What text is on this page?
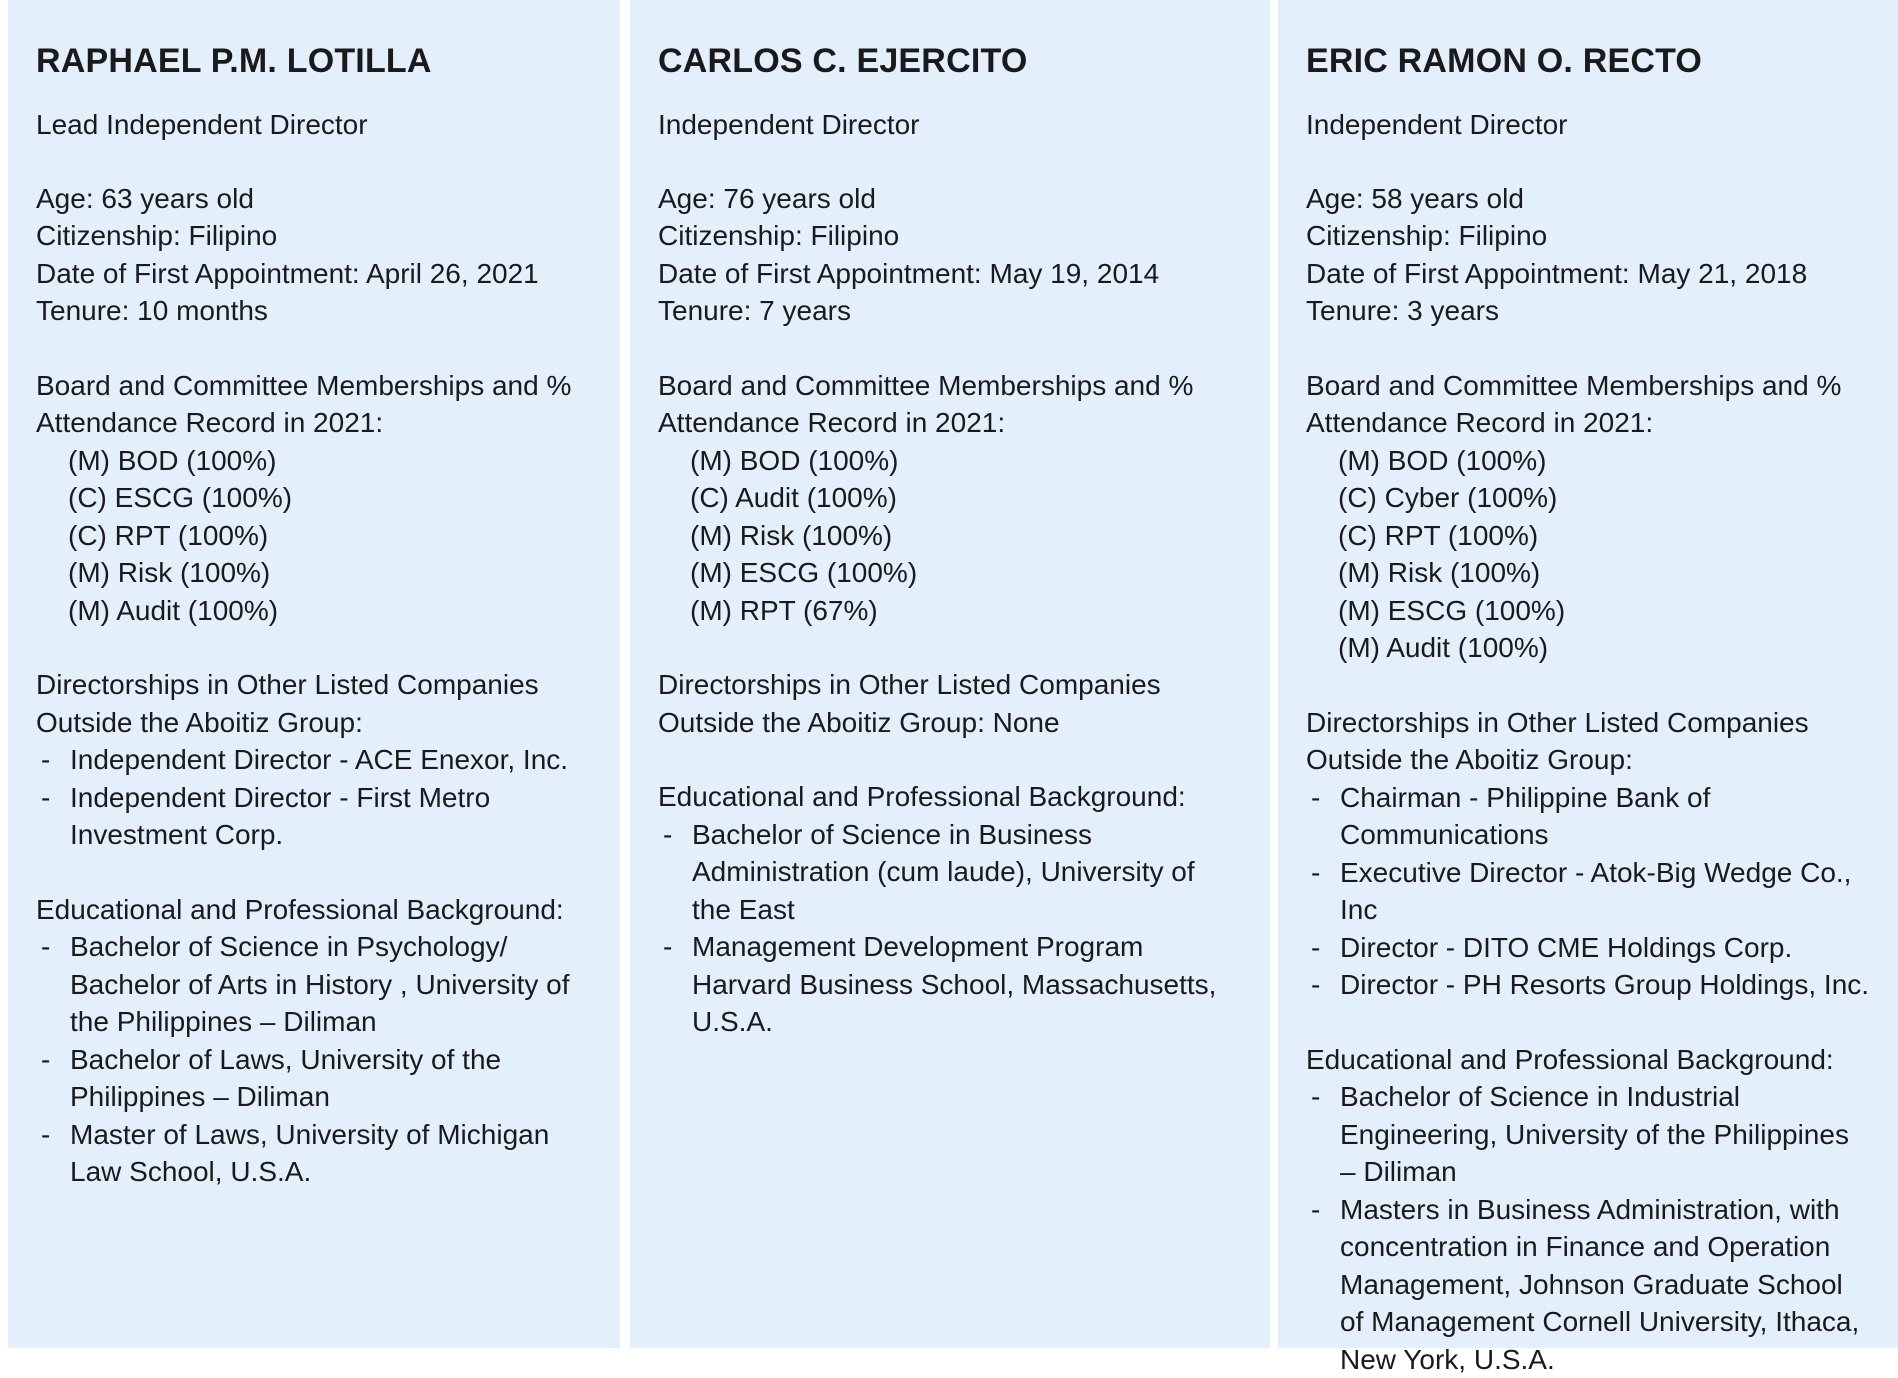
RAPHAEL P.M. LOTILLA
Lead Independent Director
Age: 63 years old
Citizenship: Filipino
Date of First Appointment: April 26, 2021
Tenure: 10 months
Board and Committee Memberships and %
Attendance Record in 2021:
(M) BOD (100%)
(C) ESCG (100%)
(C) RPT (100%)
(M) Risk (100%)
(M) Audit (100%)
Directorships in Other Listed Companies
Outside the Aboitiz Group:
- Independent Director - ACE Enexor, Inc.
- Independent Director - First Metro
Investment Corp.
Educational and Professional Background:
- Bachelor of Science in Psychology/
Bachelor of Arts in History , University of
the Philippines – Diliman
- Bachelor of Laws, University of the
Philippines – Diliman
- Master of Laws, University of Michigan
Law School, U.S.A.
CARLOS C. EJERCITO
Independent Director
Age: 76 years old
Citizenship: Filipino
Date of First Appointment: May 19, 2014
Tenure: 7 years
Board and Committee Memberships and %
Attendance Record in 2021:
(M) BOD (100%)
(C) Audit (100%)
(M) Risk (100%)
(M) ESCG (100%)
(M) RPT (67%)
Directorships in Other Listed Companies
Outside the Aboitiz Group: None
Educational and Professional Background:
- Bachelor of Science in Business
Administration (cum laude), University of
the East
- Management Development Program
Harvard Business School, Massachusetts,
U.S.A.
ERIC RAMON O. RECTO
Independent Director
Age: 58 years old
Citizenship: Filipino
Date of First Appointment: May 21, 2018
Tenure: 3 years
Board and Committee Memberships and %
Attendance Record in 2021:
(M) BOD (100%)
(C) Cyber (100%)
(C) RPT (100%)
(M) Risk (100%)
(M) ESCG (100%)
(M) Audit (100%)
Directorships in Other Listed Companies
Outside the Aboitiz Group:
- Chairman - Philippine Bank of
Communications
- Executive Director - Atok-Big Wedge Co.,
Inc
- Director - DITO CME Holdings Corp.
- Director - PH Resorts Group Holdings, Inc.
Educational and Professional Background:
- Bachelor of Science in Industrial
Engineering, University of the Philippines
– Diliman
- Masters in Business Administration, with
concentration in Finance and Operation
Management, Johnson Graduate School
of Management Cornell University, Ithaca,
New York, U.S.A.
